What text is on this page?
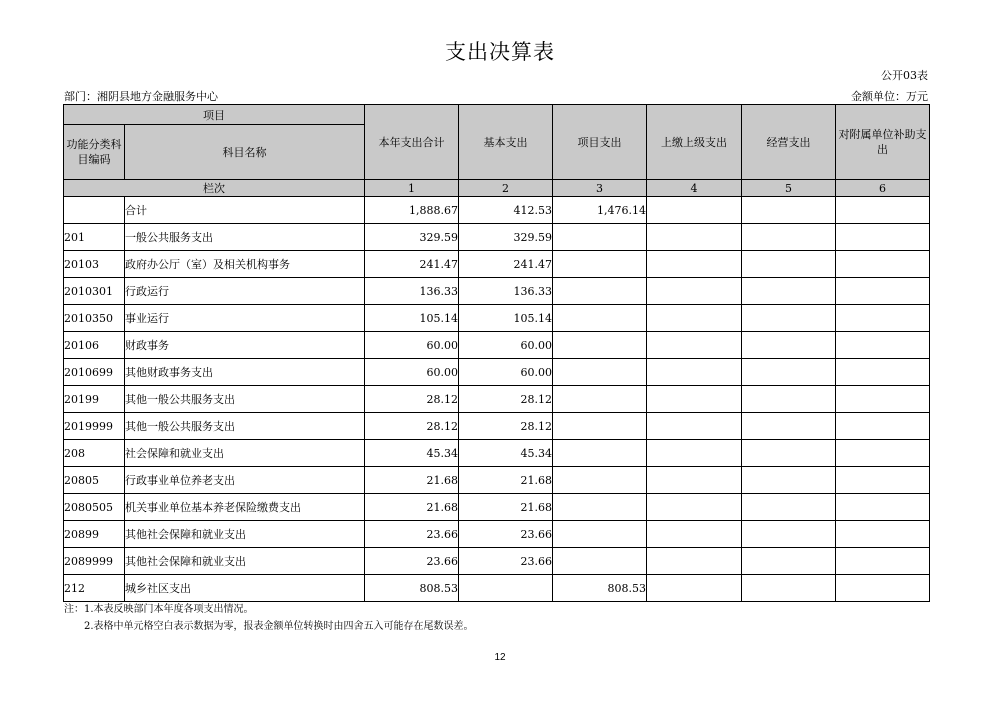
支出决算表
公开03表
部门：湘阴县地方金融服务中心	金额单位：万元
项目		本年支出合计	基本支出	项目支出	上缴上级支出	经营支出	对附属单位补助支出
功能分类科目编码	科目名称						
栏次		1	2	3	4	5	6
	合计	1,888.67	412.53	1,476.14			
201	一般公共服务支出	329.59	329.59				
20103	政府办公厅（室）及相关机构事务	241.47	241.47				
2010301	行政运行	136.33	136.33				
2010350	事业运行	105.14	105.14				
20106	财政事务	60.00	60.00				
2010699	其他财政事务支出	60.00	60.00				
20199	其他一般公共服务支出	28.12	28.12				
2019999	其他一般公共服务支出	28.12	28.12				
208	社会保障和就业支出	45.34	45.34				
20805	行政事业单位养老支出	21.68	21.68				
2080505	机关事业单位基本养老保险缴费支出	21.68	21.68				
20899	其他社会保障和就业支出	23.66	23.66				
2089999	其他社会保障和就业支出	23.66	23.66				
212	城乡社区支出	808.53		808.53			
注：1.本表反映部门本年度各项支出情况。
2.表格中单元格空白表示数据为零，报表金额单位转换时由四舍五入可能存在尾数误差。
12
